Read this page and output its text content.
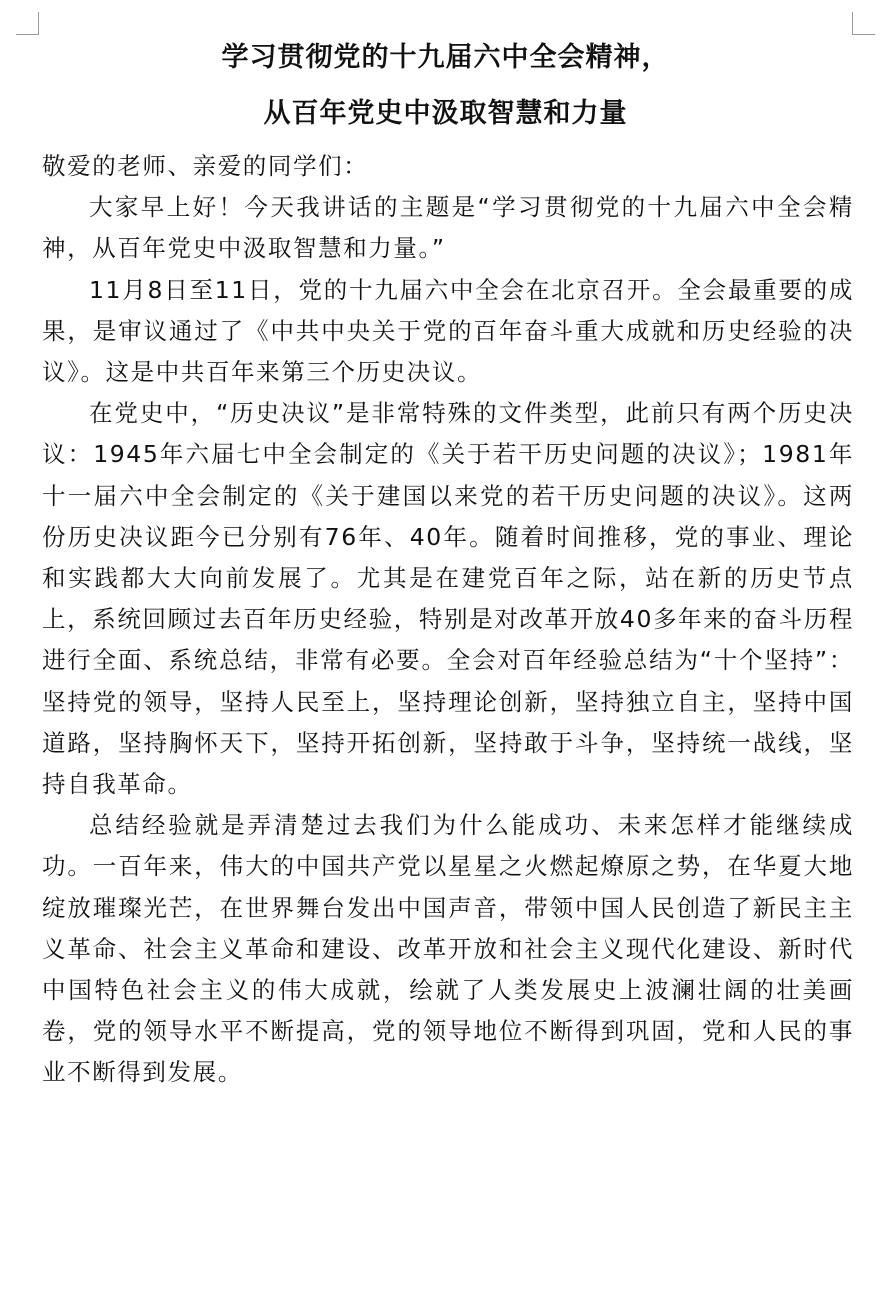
学习贯彻党的十九届六中全会精神，
从百年党史中汲取智慧和力量

敬爱的老师、亲爱的同学们：

大家早上好！今天我讲话的主题是“学习贯彻党的十九届六中全会精神，从百年党史中汲取智慧和力量。”

11月8日至11日，党的十九届六中全会在北京召开。全会最重要的成果，是审议通过了《中共中央关于党的百年奋斗重大成就和历史经验的决议》。这是中共百年来第三个历史决议。

在党史中，“历史决议”是非常特殊的文件类型，此前只有两个历史决议：1945年六届七中全会制定的《关于若干历史问题的决议》；1981年十一届六中全会制定的《关于建国以来党的若干历史问题的决议》。这两份历史决议距今已分别有76年、40年。随着时间推移，党的事业、理论和实践都大大向前发展了。尤其是在建党百年之际，站在新的历史节点上，系统回顾过去百年历史经验，特别是对改革开放40多年来的奋斗历程进行全面、系统总结，非常有必要。全会对百年经验总结为“十个坚持”：坚持党的领导，坚持人民至上，坚持理论创新，坚持独立自主，坚持中国道路，坚持胸怀天下，坚持开拓创新，坚持敢于斗争，坚持统一战线，坚持自我革命。

总结经验就是弄清楚过去我们为什么能成功、未来怎样才能继续成功。一百年来，伟大的中国共产党以星星之火燃起燎原之势，在华夏大地绽放璀璨光芒，在世界舞台发出中国声音，带领中国人民创造了新民主主义革命、社会主义革命和建设、改革开放和社会主义现代化建设、新时代中国特色社会主义的伟大成就，绘就了人类发展史上波澜壮阔的壮美画卷，党的领导水平不断提高，党的领导地位不断得到巩固，党和人民的事业不断得到发展。
